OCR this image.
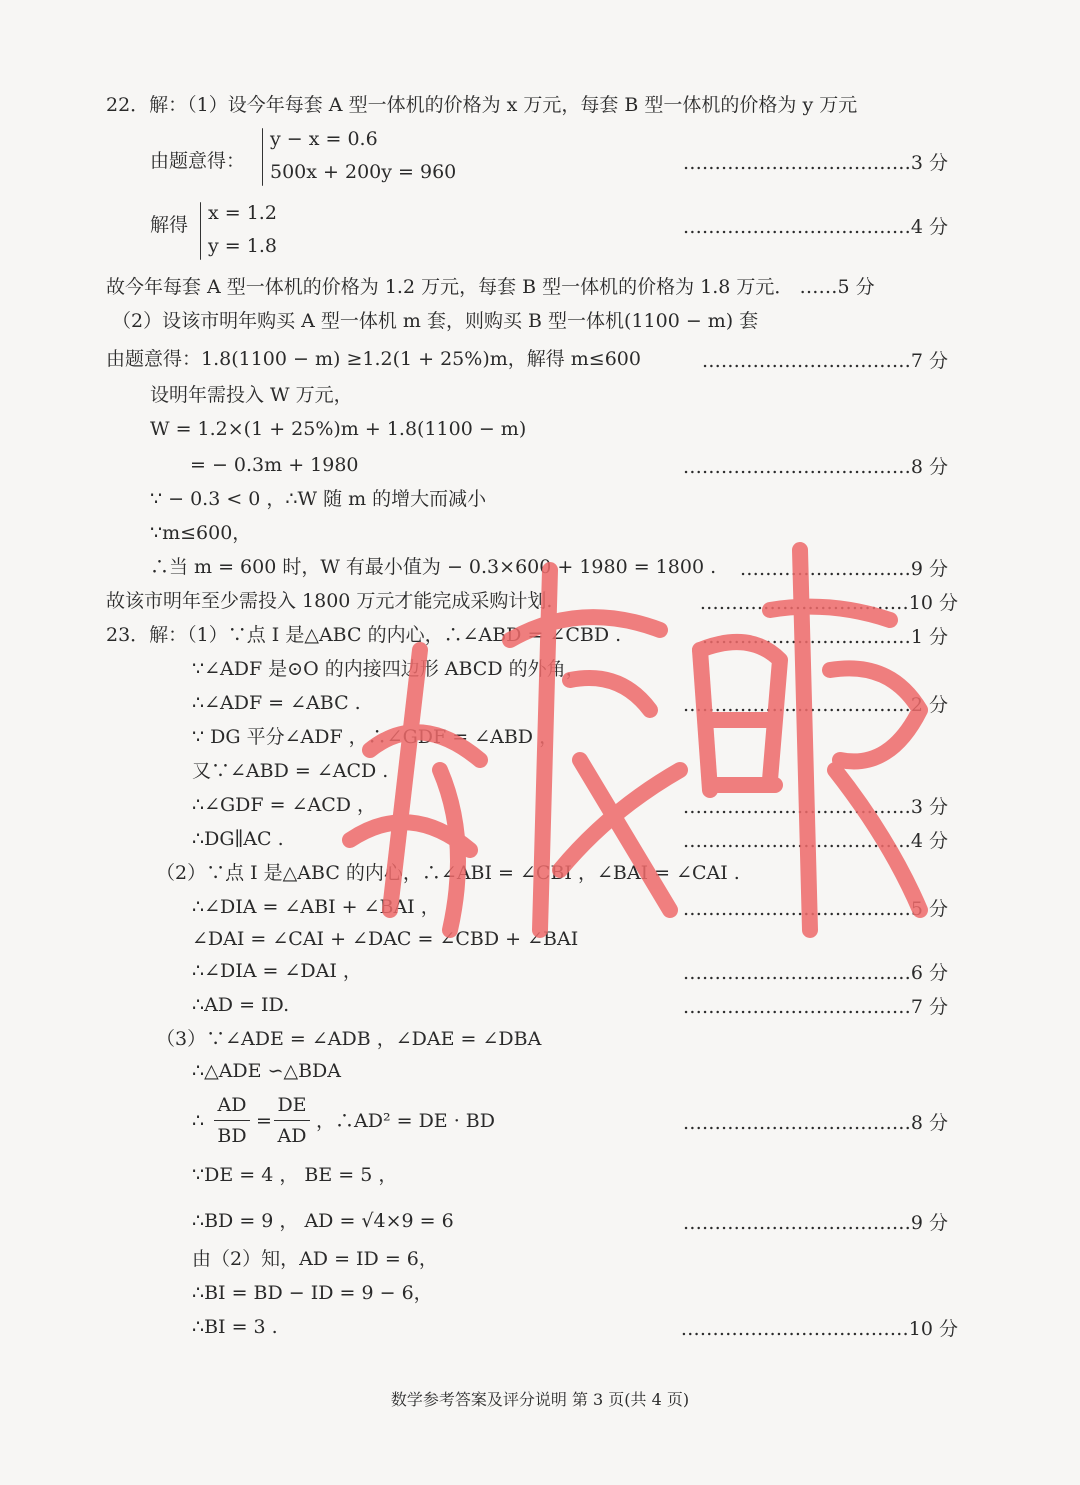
22．解：（1）设今年每套 A 型一体机的价格为 x 万元，每套 B 型一体机的价格为 y 万元
由题意得：
y − x = 0.6
500x + 200y = 960	………………………………3 分
解得
x = 1.2
y = 1.8
………………………………4 分
故今年每套 A 型一体机的价格为 1.2 万元，每套 B 型一体机的价格为 1.8 万元． ……5 分
（2）设该市明年购买 A 型一体机 m 套，则购买 B 型一体机(1100 − m) 套
由题意得：1.8(1100 − m) ≥1.2(1 + 25%)m，解得 m≤600	……………………………7 分
设明年需投入 W 万元，
W = 1.2×(1 + 25%)m + 1.8(1100 − m)
= − 0.3m + 1980	………………………………8 分
∵ − 0.3 < 0 ，∴W 随 m 的增大而减小
∵m≤600，
∴当 m = 600 时，W 有最小值为 − 0.3×600 + 1980 = 1800 . ………………………9 分
故该市明年至少需投入 1800 万元才能完成采购计划.	……………………………10 分
23．解：（1）∵点 I 是△ABC 的内心，∴∠ABD = ∠CBD .	……………………………1 分
∵∠ADF 是⊙O 的内接四边形 ABCD 的外角，
∴∠ADF = ∠ABC .	………………………………2 分
∵ DG 平分∠ADF ，∴∠GDF = ∠ABD ，
又∵∠ABD = ∠ACD .
∴∠GDF = ∠ACD ，	………………………………3 分
∴DG∥AC .	………………………………4 分
（2）∵点 I 是△ABC 的内心，∴∠ABI = ∠CBI ，∠BAI = ∠CAI .
∴∠DIA = ∠ABI + ∠BAI ，	………………………………5 分
∠DAI = ∠CAI + ∠DAC = ∠CBD + ∠BAI
∴∠DIA = ∠DAI ，	………………………………6 分
∴AD = ID.	………………………………7 分
（3）∵∠ADE = ∠ADB ，∠DAE = ∠DBA
∴△ADE ∽△BDA
∴
AD
BD
=
DE
AD
，∴AD² = DE · BD	………………………………8 分
∵DE = 4 ， BE = 5 ，
∴BD = 9 ， AD = √4×9 = 6	………………………………9 分
由（2）知，AD = ID = 6，
∴BI = BD − ID = 9 − 6，
∴BI = 3 .	………………………………10 分
数学参考答案及评分说明 第 3 页(共 4 页)
